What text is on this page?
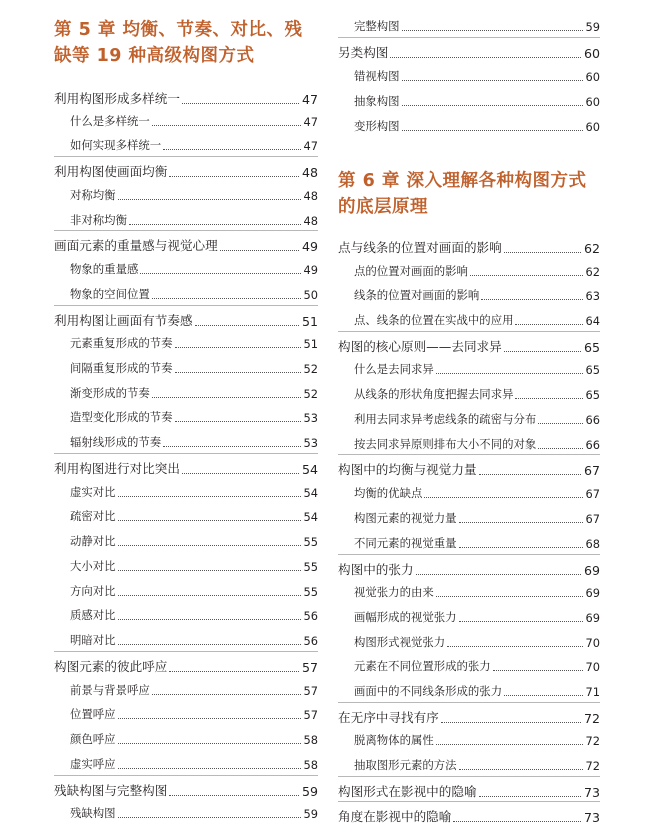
第 5 章 均衡、节奏、对比、残
缺等 19 种高级构图方式
利用构图形成多样统一	47
什么是多样统一	47
如何实现多样统一	47
利用构图使画面均衡	48
对称均衡	48
非对称均衡	48
画面元素的重量感与视觉心理	49
物象的重量感	49
物象的空间位置	50
利用构图让画面有节奏感	51
元素重复形成的节奏	51
间隔重复形成的节奏	52
渐变形成的节奏	52
造型变化形成的节奏	53
辐射线形成的节奏	53
利用构图进行对比突出	54
虚实对比	54
疏密对比	54
动静对比	55
大小对比	55
方向对比	55
质感对比	56
明暗对比	56
构图元素的彼此呼应	57
前景与背景呼应	57
位置呼应	57
颜色呼应	58
虚实呼应	58
残缺构图与完整构图	59
残缺构图	59
完整构图	59
另类构图	60
错视构图	60
抽象构图	60
变形构图	60
第 6 章 深入理解各种构图方式
的底层原理
点与线条的位置对画面的影响	62
点的位置对画面的影响	62
线条的位置对画面的影响	63
点、线条的位置在实战中的应用	64
构图的核心原则——去同求异	65
什么是去同求异	65
从线条的形状角度把握去同求异	65
利用去同求异考虑线条的疏密与分布	66
按去同求异原则排布大小不同的对象	66
构图中的均衡与视觉力量	67
均衡的优缺点	67
构图元素的视觉力量	67
不同元素的视觉重量	68
构图中的张力	69
视觉张力的由来	69
画幅形成的视觉张力	69
构图形式视觉张力	70
元素在不同位置形成的张力	70
画面中的不同线条形成的张力	71
在无序中寻找有序	72
脱离物体的属性	72
抽取图形元素的方法	72
构图形式在影视中的隐喻	73
角度在影视中的隐喻	73
